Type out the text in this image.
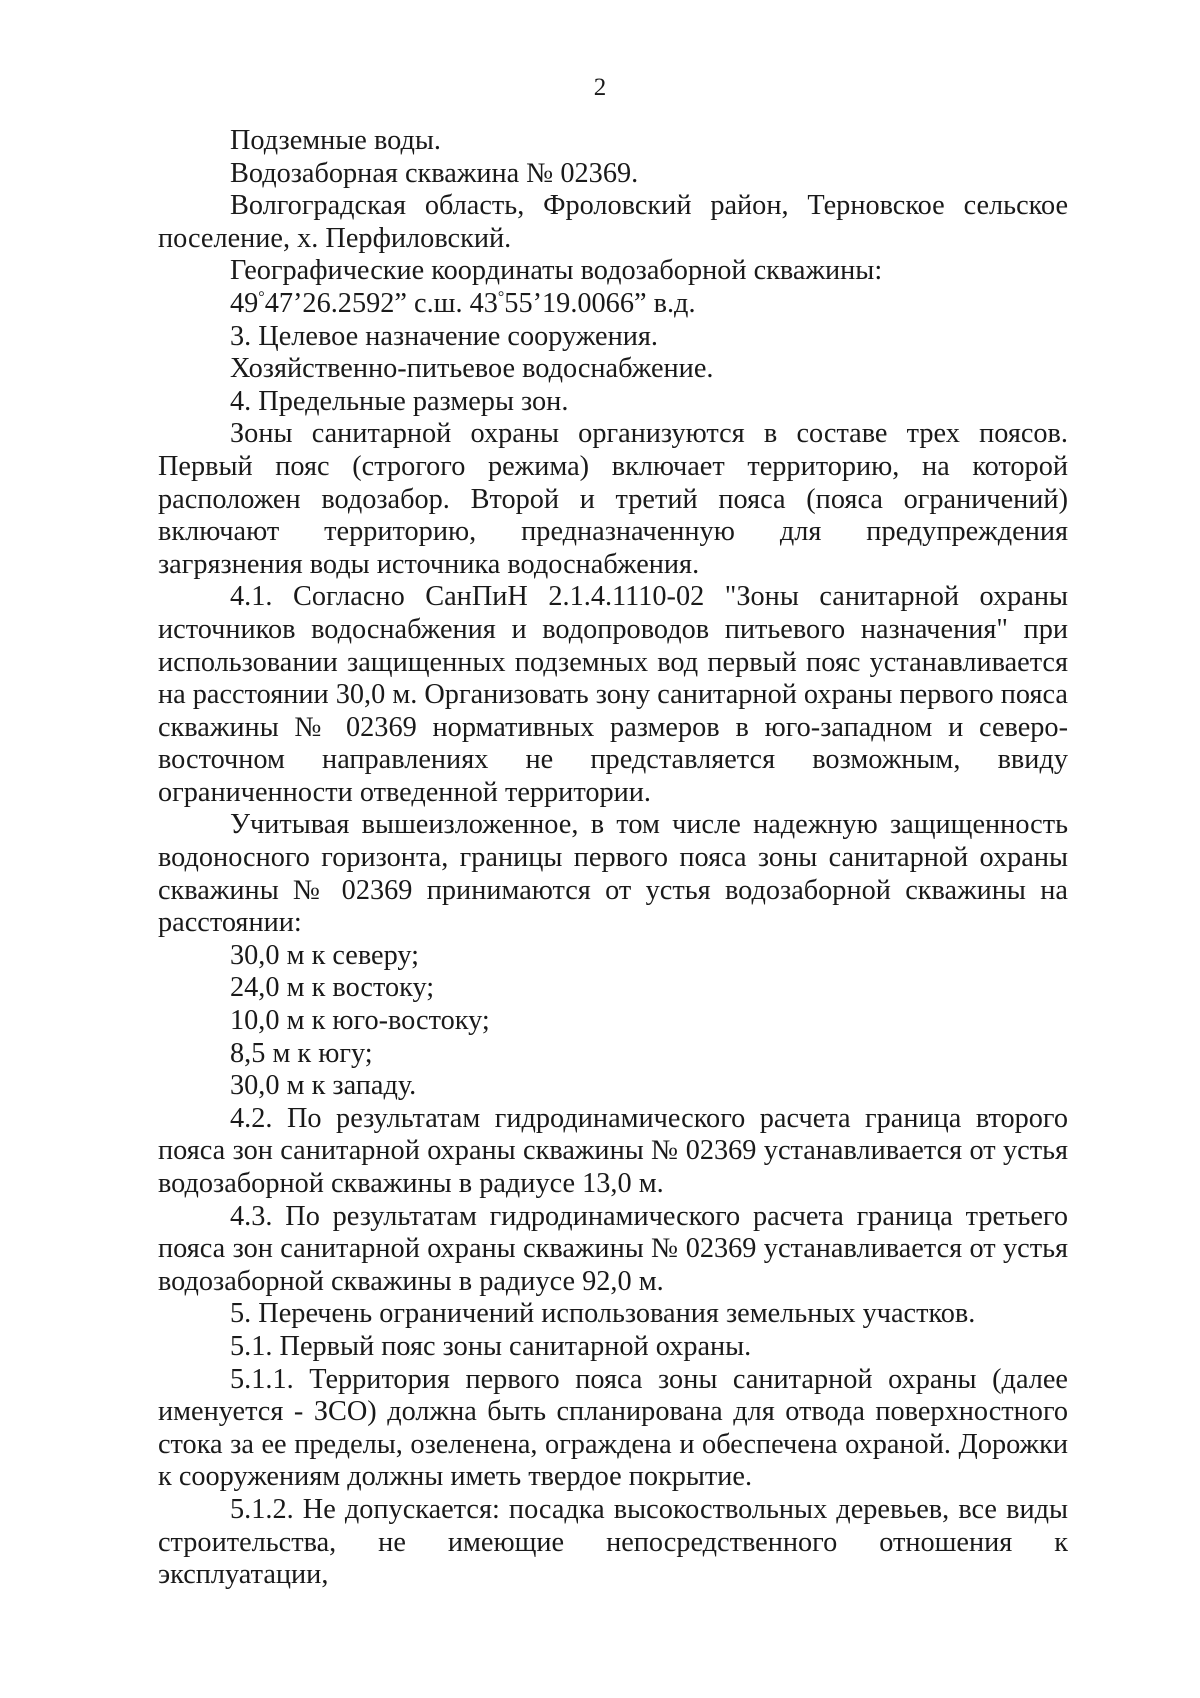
2

Подземные воды.

Водозаборная скважина № 02369.

Волгоградская область, Фроловский район, Терновское сельское поселение, х. Перфиловский.

Географические координаты водозаборной скважины:

49°47’26.2592” с.ш. 43°55’19.0066” в.д.

3. Целевое назначение сооружения.

Хозяйственно-питьевое водоснабжение.

4. Предельные размеры зон.

Зоны санитарной охраны организуются в составе трех поясов. Первый пояс (строгого режима) включает территорию, на которой расположен водозабор. Второй и третий пояса (пояса ограничений) включают территорию, предназначенную для предупреждения загрязнения воды источника водоснабжения.

4.1. Согласно СанПиН 2.1.4.1110-02 "Зоны санитарной охраны источников водоснабжения и водопроводов питьевого назначения" при использовании защищенных подземных вод первый пояс устанавливается на расстоянии 30,0 м. Организовать зону санитарной охраны первого пояса скважины № 02369 нормативных размеров в юго-западном и северо-восточном направлениях не представляется возможным, ввиду ограниченности отведенной территории.

Учитывая вышеизложенное, в том числе надежную защищенность водоносного горизонта, границы первого пояса зоны санитарной охраны скважины № 02369 принимаются от устья водозаборной скважины на расстоянии:

30,0 м к северу;

24,0 м к востоку;

10,0 м к юго-востоку;

8,5 м к югу;

30,0 м к западу.

4.2. По результатам гидродинамического расчета граница второго пояса зон санитарной охраны скважины № 02369 устанавливается от устья водозаборной скважины в радиусе 13,0 м.

4.3. По результатам гидродинамического расчета граница третьего пояса зон санитарной охраны скважины № 02369 устанавливается от устья водозаборной скважины в радиусе 92,0 м.

5. Перечень ограничений использования земельных участков.

5.1. Первый пояс зоны санитарной охраны.

5.1.1. Территория первого пояса зоны санитарной охраны (далее именуется - ЗСО) должна быть спланирована для отвода поверхностного стока за ее пределы, озеленена, ограждена и обеспечена охраной. Дорожки к сооружениям должны иметь твердое покрытие.

5.1.2. Не допускается: посадка высокоствольных деревьев, все виды строительства, не имеющие непосредственного отношения к эксплуатации,
